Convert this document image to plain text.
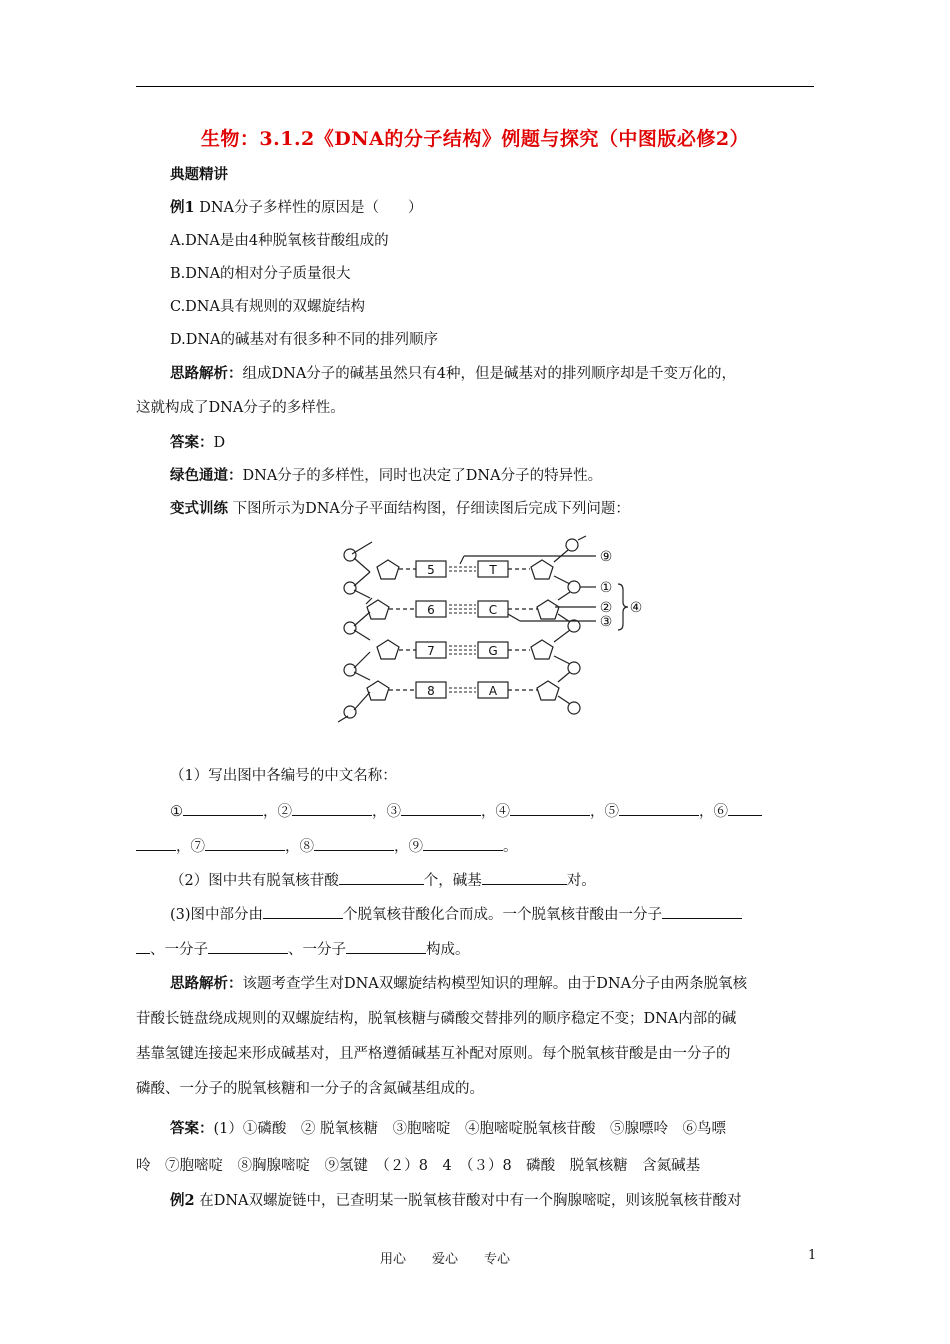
生物：3.1.2《DNA的分子结构》例题与探究（中图版必修2）
典题精讲
例1 DNA分子多样性的原因是（　　）
A.DNA是由4种脱氧核苷酸组成的
B.DNA的相对分子质量很大
C.DNA具有规则的双螺旋结构
D.DNA的碱基对有很多种不同的排列顺序
思路解析：组成DNA分子的碱基虽然只有4种，但是碱基对的排列顺序却是千变万化的，
这就构成了DNA分子的多样性。
答案：D
绿色通道：DNA分子的多样性，同时也决定了DNA分子的特异性。
变式训练 下图所示为DNA分子平面结构图，仔细读图后完成下列问题：
5
6
7
8
T
C
G
A
⑨
①
②
③
④
（1）写出图中各编号的中文名称：
①	，②	，③	，④	，⑤	，⑥
，⑦	，⑧	，⑨	。
（2）图中共有脱氧核苷酸	个，碱基	对。
(3)图中部分由	个脱氧核苷酸化合而成。一个脱氧核苷酸由一分子
、一分子	、一分子	构成。
思路解析：该题考查学生对DNA双螺旋结构模型知识的理解。由于DNA分子由两条脱氧核
苷酸长链盘绕成规则的双螺旋结构，脱氧核糖与磷酸交替排列的顺序稳定不变；DNA内部的碱
基靠氢键连接起来形成碱基对，且严格遵循碱基互补配对原则。每个脱氧核苷酸是由一分子的
磷酸、一分子的脱氧核糖和一分子的含氮碱基组成的。
答案：(1）①磷酸　② 脱氧核糖　③胞嘧啶　④胞嘧啶脱氧核苷酸　⑤腺嘌呤　⑥鸟嘌
呤　⑦胞嘧啶　⑧胸腺嘧啶　⑨氢键　（２）8　4　（３）8　磷酸　脱氧核糖　含氮碱基
例2 在DNA双螺旋链中，已查明某一脱氧核苷酸对中有一个胸腺嘧啶，则该脱氧核苷酸对
用心　　爱心　　专心	1
